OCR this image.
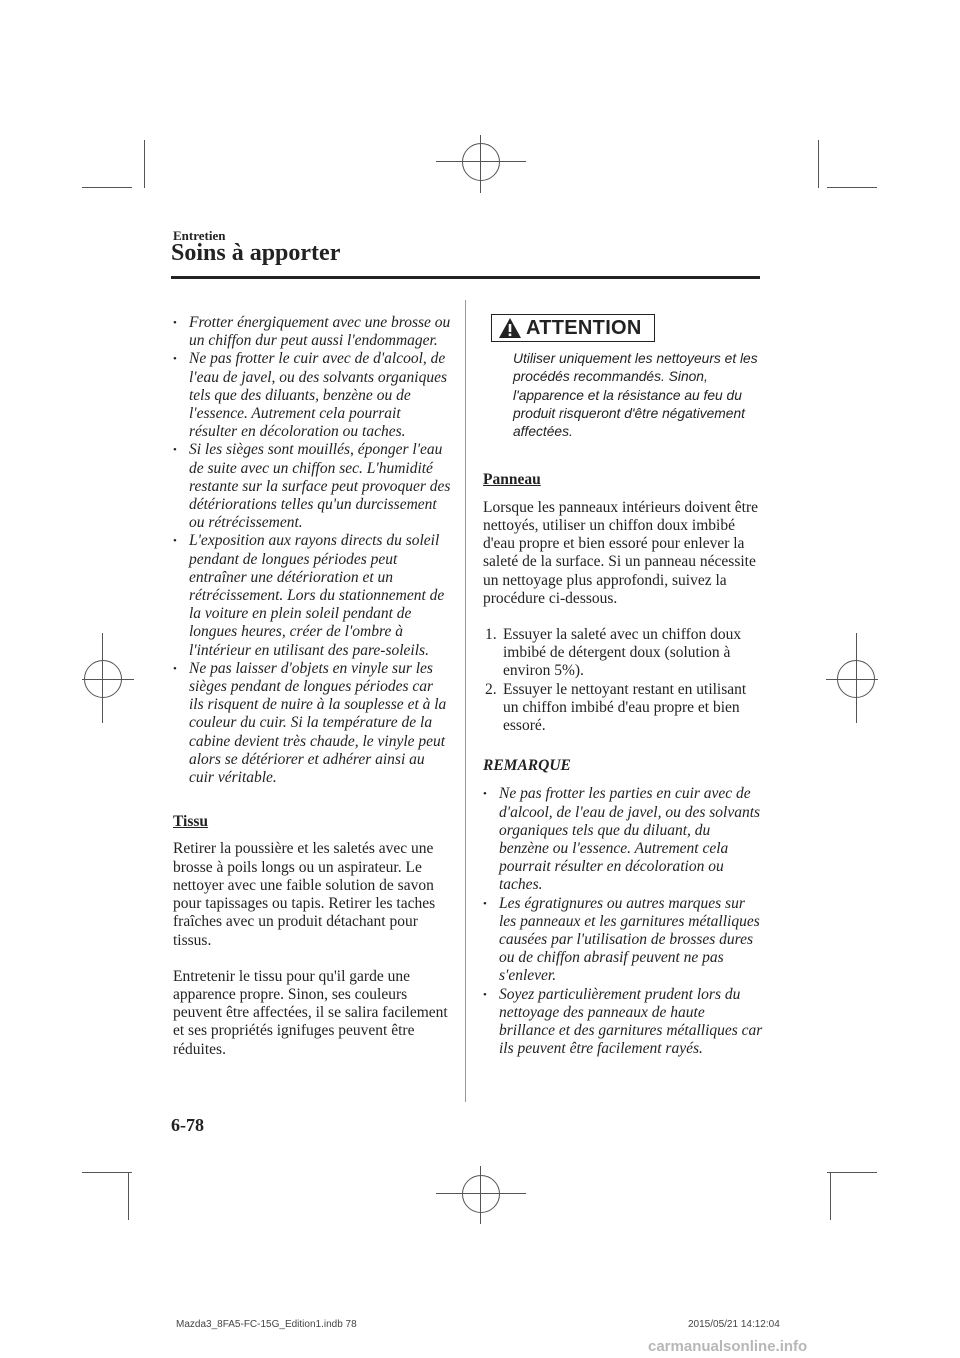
Entretien
Soins à apporter
• Frotter énergiquement avec une brosse ou un chiffon dur peut aussi l'endommager.
• Ne pas frotter le cuir avec de d'alcool, de l'eau de javel, ou des solvants organiques tels que des diluants, benzène ou de l'essence. Autrement cela pourrait résulter en décoloration ou taches.
• Si les sièges sont mouillés, éponger l'eau de suite avec un chiffon sec. L'humidité restante sur la surface peut provoquer des détériorations telles qu'un durcissement ou rétrécissement.
• L'exposition aux rayons directs du soleil pendant de longues périodes peut entraîner une détérioration et un rétrécissement. Lors du stationnement de la voiture en plein soleil pendant de longues heures, créer de l'ombre à l'intérieur en utilisant des pare-soleils.
• Ne pas laisser d'objets en vinyle sur les sièges pendant de longues périodes car ils risquent de nuire à la souplesse et à la couleur du cuir. Si la température de la cabine devient très chaude, le vinyle peut alors se détériorer et adhérer ainsi au cuir véritable.
Tissu

Retirer la poussière et les saletés avec une brosse à poils longs ou un aspirateur. Le nettoyer avec une faible solution de savon pour tapissages ou tapis. Retirer les taches fraîches avec un produit détachant pour tissus.

Entretenir le tissu pour qu'il garde une apparence propre. Sinon, ses couleurs peuvent être affectées, il se salira facilement et ses propriétés ignifuges peuvent être réduites.

ATTENTION
Utiliser uniquement les nettoyeurs et les procédés recommandés. Sinon, l'apparence et la résistance au feu du produit risqueront d'être négativement affectées.
Panneau

Lorsque les panneaux intérieurs doivent être nettoyés, utiliser un chiffon doux imbibé d'eau propre et bien essoré pour enlever la saleté de la surface. Si un panneau nécessite un nettoyage plus approfondi, suivez la procédure ci-dessous.

1. Essuyer la saleté avec un chiffon doux imbibé de détergent doux (solution à environ 5%).
2. Essuyer le nettoyant restant en utilisant un chiffon imbibé d'eau propre et bien essoré.
REMARQUE
• Ne pas frotter les parties en cuir avec de d'alcool, de l'eau de javel, ou des solvants organiques tels que du diluant, du benzène ou l'essence. Autrement cela pourrait résulter en décoloration ou taches.
• Les égratignures ou autres marques sur les panneaux et les garnitures métalliques causées par l'utilisation de brosses dures ou de chiffon abrasif peuvent ne pas s'enlever.
• Soyez particulièrement prudent lors du nettoyage des panneaux de haute brillance et des garnitures métalliques car ils peuvent être facilement rayés.
6-78
Mazda3_8FA5-FC-15G_Edition1.indb 78	2015/05/21 14:12:04
carmanualsonline.info
